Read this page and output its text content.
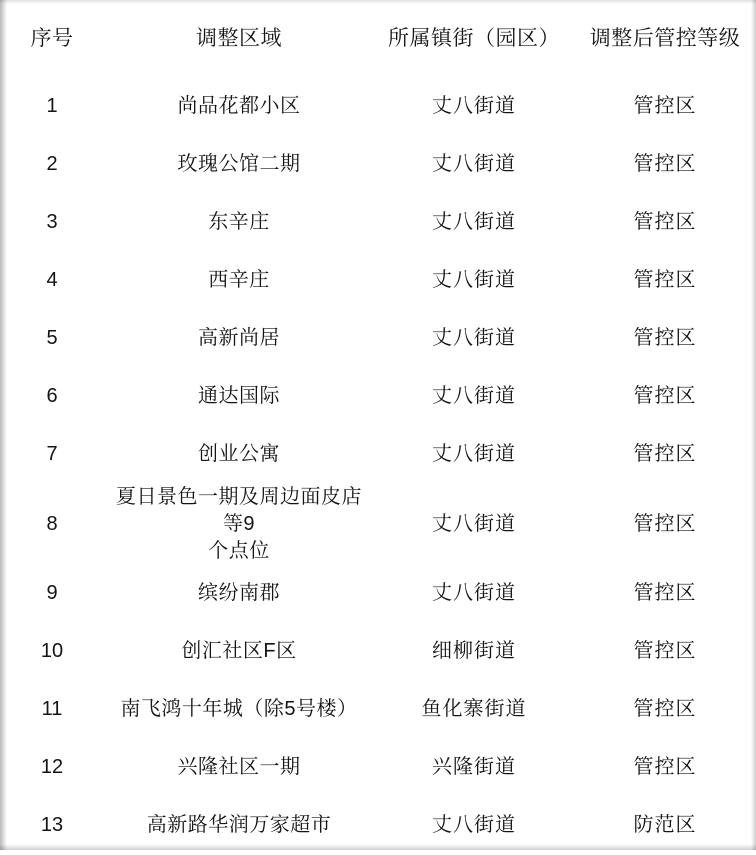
序号	调整区域	所属镇街（园区）	调整后管控等级
1	尚品花都小区	丈八街道	管控区
2	玫瑰公馆二期	丈八街道	管控区
3	东辛庄	丈八街道	管控区
4	西辛庄	丈八街道	管控区
5	高新尚居	丈八街道	管控区
6	通达国际	丈八街道	管控区
7	创业公寓	丈八街道	管控区
8	夏日景色一期及周边面皮店等9
个点位	丈八街道	管控区
9	缤纷南郡	丈八街道	管控区
10	创汇社区F区	细柳街道	管控区
11	南飞鸿十年城（除5号楼）	鱼化寨街道	管控区
12	兴隆社区一期	兴隆街道	管控区
13	高新路华润万家超市	丈八街道	防范区
